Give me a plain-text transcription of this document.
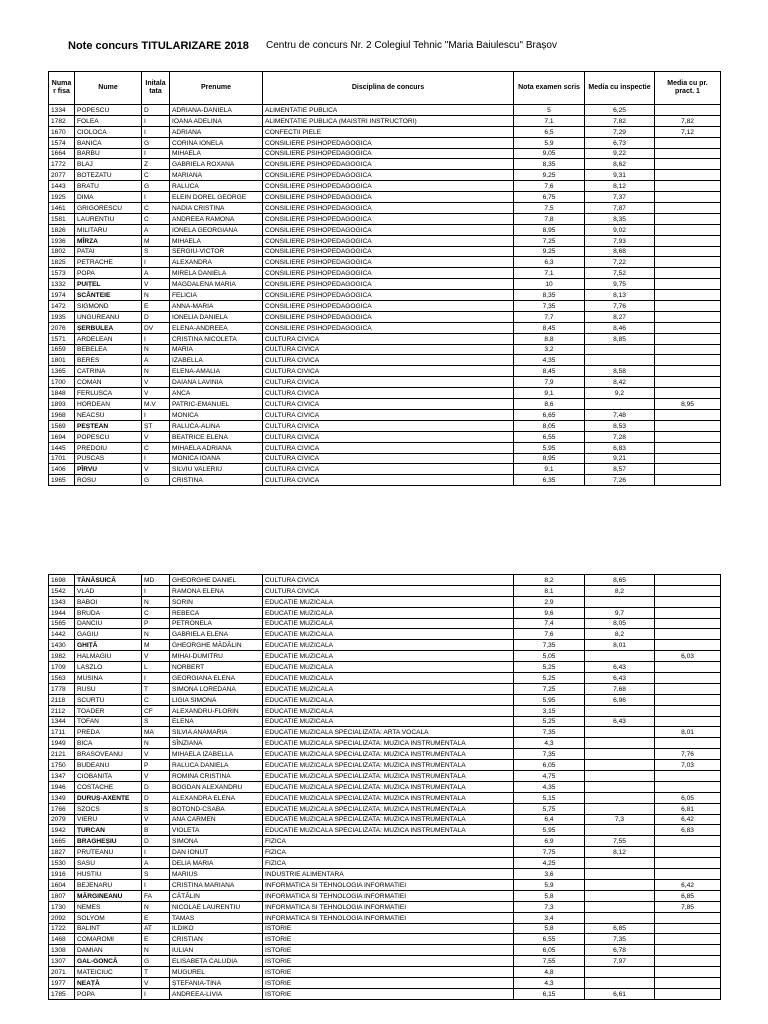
Note concurs TITULARIZARE 2018 Centru de concurs Nr. 2 Colegiul Tehnic "Maria Baiulescu" Brașov
Numa r fisa	Nume	Initala tata	Prenume	Disciplina de concurs	Nota examen scris	Media cu inspectie	Media cu pr. pract. 1
1334	POPESCU	D	ADRIANA-DANIELA	ALIMENTATIE PUBLICA	5	6,25	
1782	FOLEA	I	IOANA ADELINA	ALIMENTATIE PUBLICA (MAISTRI INSTRUCTORI)	7,1	7,82	7,82
1670	CIOLOCA	I	ADRIANA	CONFECTII PIELE	6,5	7,29	7,12
1574	BANICA	G	CORINA IONELA	CONSILIERE PSIHOPEDAGOGICA	5,9	6,73	
1664	BARBU	I	MIHAELA	CONSILIERE PSIHOPEDAGOGICA	9,05	9,22	
1772	BLAJ	Z	GABRIELA ROXANA	CONSILIERE PSIHOPEDAGOGICA	8,35	8,62	
2077	BOTEZATU	C	MARIANA	CONSILIERE PSIHOPEDAGOGICA	9,25	9,31	
1443	BRATU	G	RALUCA	CONSILIERE PSIHOPEDAGOGICA	7,6	8,12	
1925	DIMA	I	ELEIN DOREL GEORGE	CONSILIERE PSIHOPEDAGOGICA	6,75	7,37	
1461	GRIGORESCU	C	NADIA CRISTINA	CONSILIERE PSIHOPEDAGOGICA	7,5	7,87	
1581	LAURENTIU	C	ANDREEA RAMONA	CONSILIERE PSIHOPEDAGOGICA	7,8	8,35	
1826	MILITARU	A	IONELA GEORGIANA	CONSILIERE PSIHOPEDAGOGICA	8,95	9,02	
1936	MÎRZA	M	MIHAELA	CONSILIERE PSIHOPEDAGOGICA	7,25	7,93	
1802	PATAI	S	SERGIU-VICTOR	CONSILIERE PSIHOPEDAGOGICA	9,25	8,68	
1825	PETRACHE	I	ALEXANDRA	CONSILIERE PSIHOPEDAGOGICA	6,3	7,22	
1573	POPA	A	MIRELA DANIELA	CONSILIERE PSIHOPEDAGOGICA	7,1	7,52	
1332	PUIȚEL	V	MAGDALENA MARIA	CONSILIERE PSIHOPEDAGOGICA	10	9,75	
1974	SCÂNTEIE	N	FELICIA	CONSILIERE PSIHOPEDAGOGICA	8,35	8,13	
1472	SIGMOND	E	ANNA-MARIA	CONSILIERE PSIHOPEDAGOGICA	7,35	7,76	
1935	UNGUREANU	D	IONELIA DANIELA	CONSILIERE PSIHOPEDAGOGICA	7,7	8,27	
2076	ȘERBULEA	DV	ELENA-ANDREEA	CONSILIERE PSIHOPEDAGOGICA	8,45	8,46	
1571	ARDELEAN	I	CRISTINA NICOLETA	CULTURA CIVICA	8,8	8,85	
1659	BEBELEA	N	MARIA	CULTURA CIVICA	3,2		
1801	BERES	A	IZABELLA	CULTURA CIVICA	4,35		
1365	CATRINA	N	ELENA-AMALIA	CULTURA CIVICA	8,45	8,58	
1700	COMAN	V	DAIANA LAVINIA	CULTURA CIVICA	7,9	8,42	
1848	FERLUSCA	V	ANCA	CULTURA CIVICA	9,1	9,2	
1893	HORDEAN	M.V	PATRIC-EMANUEL	CULTURA CIVICA	8,6		8,95
1968	NEACSU	I	MONICA	CULTURA CIVICA	6,65	7,48	
1569	PEȘTEAN	ȘT	RALUCA-ALINA	CULTURA CIVICA	8,05	8,53	
1694	POPESCU	V	BEATRICE ELENA	CULTURA CIVICA	6,55	7,28	
1445	PREDOIU	C	MIHAELA ADRIANA	CULTURA CIVICA	5,95	6,83	
1701	PUSCAS	I	MONICA IOANA	CULTURA CIVICA	8,95	9,21	
1406	PÎRVU	V	SILVIU VALERIU	CULTURA CIVICA	9,1	8,57	
1965	ROSU	G	CRISTINA	CULTURA CIVICA	6,35	7,26	
1698	TĂNĂSUICĂ	MD	GHEORGHE DANIEL	CULTURA CIVICA	8,2	8,65	
1542	VLAD	I	RAMONA ELENA	CULTURA CIVICA	8,1	8,2	
1343	BABOI	N	SORIN	EDUCATIE MUZICALA	2,9		
1944	BRUDA	C	REBECA	EDUCATIE MUZICALA	9,6	9,7	
1565	DANCIU	P	PETRONELA	EDUCATIE MUZICALA	7,4	8,05	
1442	GAGIU	N	GABRIELA ELENA	EDUCATIE MUZICALA	7,6	8,2	
1430	GHIȚĂ	M	GHEORGHE MĂDĂLIN	EDUCATIE MUZICALA	7,35	8,01	
1982	HALMAGIU	V	MIHAI-DUMITRU	EDUCATIE MUZICALA	5,05		6,03
1709	LASZLO	L	NORBERT	EDUCATIE MUZICALA	5,25	6,43	
1563	MUSINA	I	GEORGIANA ELENA	EDUCATIE MUZICALA	5,25	6,43	
1778	RUSU	T	SIMONA LOREDANA	EDUCATIE MUZICALA	7,25	7,68	
2118	SCURTU	C	LIGIA SIMONA	EDUCATIE MUZICALA	5,95	6,96	
2112	TOADER	CF	ALEXANDRU-FLORIN	EDUCATIE MUZICALA	3,15		
1344	TOFAN	S	ELENA	EDUCATIE MUZICALA	5,25	6,43	
1711	PREDA	MA	SILVIA ANAMARIA	EDUCATIE MUZICALA SPECIALIZATA: ARTA VOCALA	7,35		8,01
1949	BICA	N	SÎNZIANA	EDUCATIE MUZICALA SPECIALIZATA: MUZICA INSTRUMENTALA	4,3		
2121	BRASOVEANU	V	MIHAELA IZABELLA	EDUCATIE MUZICALA SPECIALIZATA: MUZICA INSTRUMENTALA	7,35		7,76
1750	BUDEANU	P	RALUCA DANIELA	EDUCATIE MUZICALA SPECIALIZATA: MUZICA INSTRUMENTALA	6,05		7,03
1347	CIOBANITA	V	ROMINA CRISTINA	EDUCATIE MUZICALA SPECIALIZATA: MUZICA INSTRUMENTALA	4,75		
1946	COSTACHE	D	BOGDAN ALEXANDRU	EDUCATIE MUZICALA SPECIALIZATA: MUZICA INSTRUMENTALA	4,35		
1349	DURUȘ-AXENTE	D	ALEXANDRA ELENA	EDUCATIE MUZICALA SPECIALIZATA: MUZICA INSTRUMENTALA	5,15		6,05
1766	SZOCS	S	BOTOND-CSABA	EDUCATIE MUZICALA SPECIALIZATA: MUZICA INSTRUMENTALA	5,75		6,81
2079	VIERU	V	ANA CARMEN	EDUCATIE MUZICALA SPECIALIZATA: MUZICA INSTRUMENTALA	6,4	7,3	6,42
1942	ȚURCAN	B	VIOLETA	EDUCATIE MUZICALA SPECIALIZATA: MUZICA INSTRUMENTALA	5,95		6,83
1665	BRAGHEȘIU	D	SIMONA	FIZICA	6,9	7,55	
1827	PRUTEANU	I	DAN IONUT	FIZICA	7,75	8,12	
1530	SASU	A	DELIA MARIA	FIZICA	4,25		
1916	HUSTIU	S	MARIUS	INDUSTRIE ALIMENTARA	3,6		
1604	BEJENARU	I	CRISTINA MARIANA	INFORMATICA SI TEHNOLOGIA INFORMATIEI	5,9		6,42
1807	MĂRGINEANU	FA	CĂTĂLIN	INFORMATICA SI TEHNOLOGIA INFORMATIEI	5,8		6,85
1730	NEMES	N	NICOLAE LAURENTIU	INFORMATICA SI TEHNOLOGIA INFORMATIEI	7,3		7,85
2092	SOLYOM	E	TAMAS	INFORMATICA SI TEHNOLOGIA INFORMATIEI	3,4		
1722	BALINT	AT	ILDIKO	ISTORIE	5,8	6,85	
1468	COMAROMI	E	CRISTIAN	ISTORIE	6,55	7,35	
1308	DAMIAN	N	IULIAN	ISTORIE	6,05	6,78	
1307	GAL-GONCĂ	G	ELISABETA CALUDIA	ISTORIE	7,55	7,97	
2071	MATEICIUC	T	MUGUREL	ISTORIE	4,8		
1977	NEAȚĂ	V	ȘTEFANIA-TINA	ISTORIE	4,3		
1785	POPA	I	ANDREEA-LIVIA	ISTORIE	6,15	6,61	
